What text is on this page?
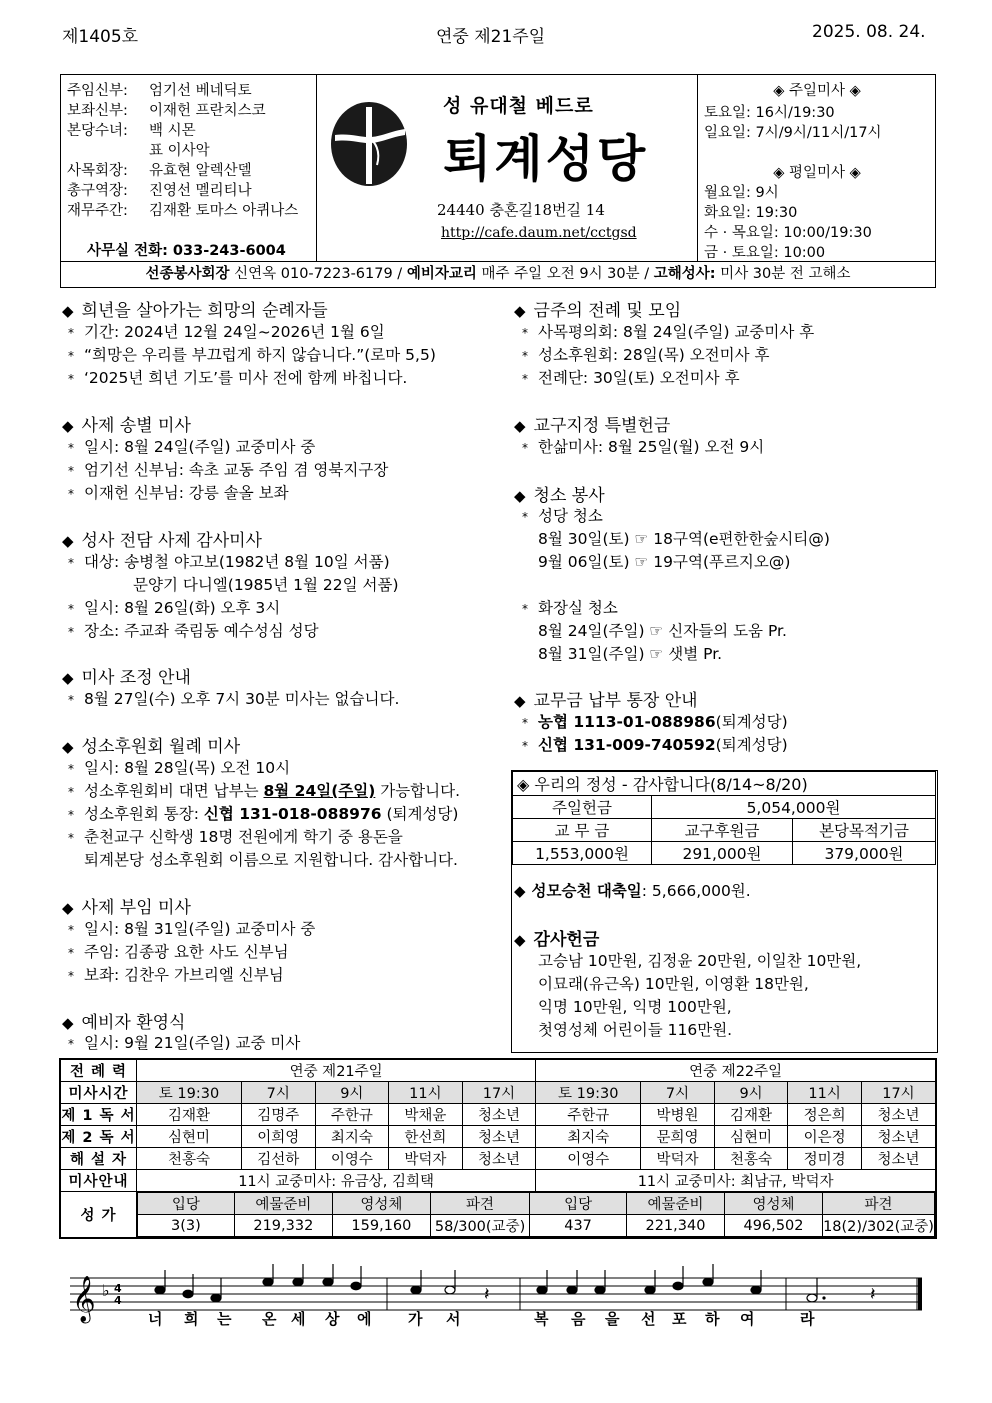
제1405호	연중 제21주일	2025. 08. 24.
주임신부: 엄기선 베네딕토
보좌신부: 이재헌 프란치스코
본당수녀: 백 시몬
표 이사악
사목회장: 유효현 알렉산델
총구역장: 진영선 멜리티나
재무주간: 김재환 토마스 아퀴나스
사무실 전화: 033-243-6004
성 유대철 베드로
퇴계성당
24440 충혼길18번길 14
http://cafe.daum.net/cctgsd
◈ 주일미사 ◈
토요일: 16시/19:30
일요일: 7시/9시/11시/17시
◈ 평일미사 ◈
월요일: 9시
화요일: 19:30
수 · 목요일: 10:00/19:30
금 · 토요일: 10:00
선종봉사회장 신연옥 010-7223-6179 / 예비자교리 매주 주일 오전 9시 30분 / 고해성사: 미사 30분 전 고해소
◆ 희년을 살아가는 희망의 순례자들
* 기간: 2024년 12월 24일~2026년 1월 6일
* “희망은 우리를 부끄럽게 하지 않습니다.”(로마 5,5)
* ‘2025년 희년 기도’를 미사 전에 함께 바칩니다.
◆ 사제 송별 미사
* 일시: 8월 24일(주일) 교중미사 중
* 엄기선 신부님: 속초 교동 주임 겸 영북지구장
* 이재헌 신부님: 강릉 솔올 보좌
◆ 성사 전담 사제 감사미사
* 대상: 송병철 야고보(1982년 8월 10일 서품)
문양기 다니엘(1985년 1월 22일 서품)
* 일시: 8월 26일(화) 오후 3시
* 장소: 주교좌 죽림동 예수성심 성당
◆ 미사 조정 안내
* 8월 27일(수) 오후 7시 30분 미사는 없습니다.
◆ 성소후원회 월례 미사
* 일시: 8월 28일(목) 오전 10시
* 성소후원회비 대면 납부는 8월 24일(주일) 가능합니다.
* 성소후원회 통장: 신협 131-018-088976 (퇴계성당)
* 춘천교구 신학생 18명 전원에게 학기 중 용돈을
퇴계본당 성소후원회 이름으로 지원합니다. 감사합니다.
◆ 사제 부임 미사
* 일시: 8월 31일(주일) 교중미사 중
* 주임: 김종광 요한 사도 신부님
* 보좌: 김찬우 가브리엘 신부님
◆ 예비자 환영식
* 일시: 9월 21일(주일) 교중 미사
◆ 금주의 전례 및 모임
* 사목평의회: 8월 24일(주일) 교중미사 후
* 성소후원회: 28일(목) 오전미사 후
* 전례단: 30일(토) 오전미사 후
◆ 교구지정 특별헌금
* 한삶미사: 8월 25일(월) 오전 9시
◆ 청소 봉사
* 성당 청소
8월 30일(토) ☞ 18구역(e편한한숲시티@)
9월 06일(토) ☞ 19구역(푸르지오@)
* 화장실 청소
8월 24일(주일) ☞ 신자들의 도움 Pr.
8월 31일(주일) ☞ 샛별 Pr.
◆ 교무금 납부 통장 안내
* 농협 1113-01-088986(퇴계성당)
* 신협 131-009-740592(퇴계성당)
◈ 우리의 정성 - 감사합니다(8/14~8/20)		
주일헌금	5,054,000원	
교 무 금	교구후원금	본당목적기금
1,553,000원	291,000원	379,000원
◆ 성모승천 대축일: 5,666,000원.
◆ 감사헌금
고승남 10만원, 김정윤 20만원, 이일찬 10만원,
이묘래(유근옥) 10만원, 이영환 18만원,
익명 10만원, 익명 100만원,
첫영성체 어린이들 116만원.
전 례 력	연중 제21주일	연중 제22주일
미사시간	토 19:30	7시	9시	11시	17시	토 19:30	7시	9시	11시	17시
제 1 독 서	김재환	김명주	주한규	박채윤	청소년	주한규	박병원	김재환	정은희	청소년
제 2 독 서	심현미	이희영	최지숙	한선희	청소년	최지숙	문희영	심현미	이은정	청소년
해 설 자	천홍숙	김선하	이영수	박덕자	청소년	이영수	박덕자	천홍숙	정미경	청소년
미사안내	11시 교중미사: 유금상, 김희택	11시 교중미사: 최남규, 박덕자
성 가	
입당	예물준비	영성체	파견	입당	예물준비	영성체	파견
3(3)	219,332	159,160	58/300(교중)	437	221,340	496,502	18(2)/302(교중)
𝄞 ♭ 4
4	𝄽	𝄽
너 희 는 온 세 상 에 가 서	복 음 을 선 포 하 여	라
